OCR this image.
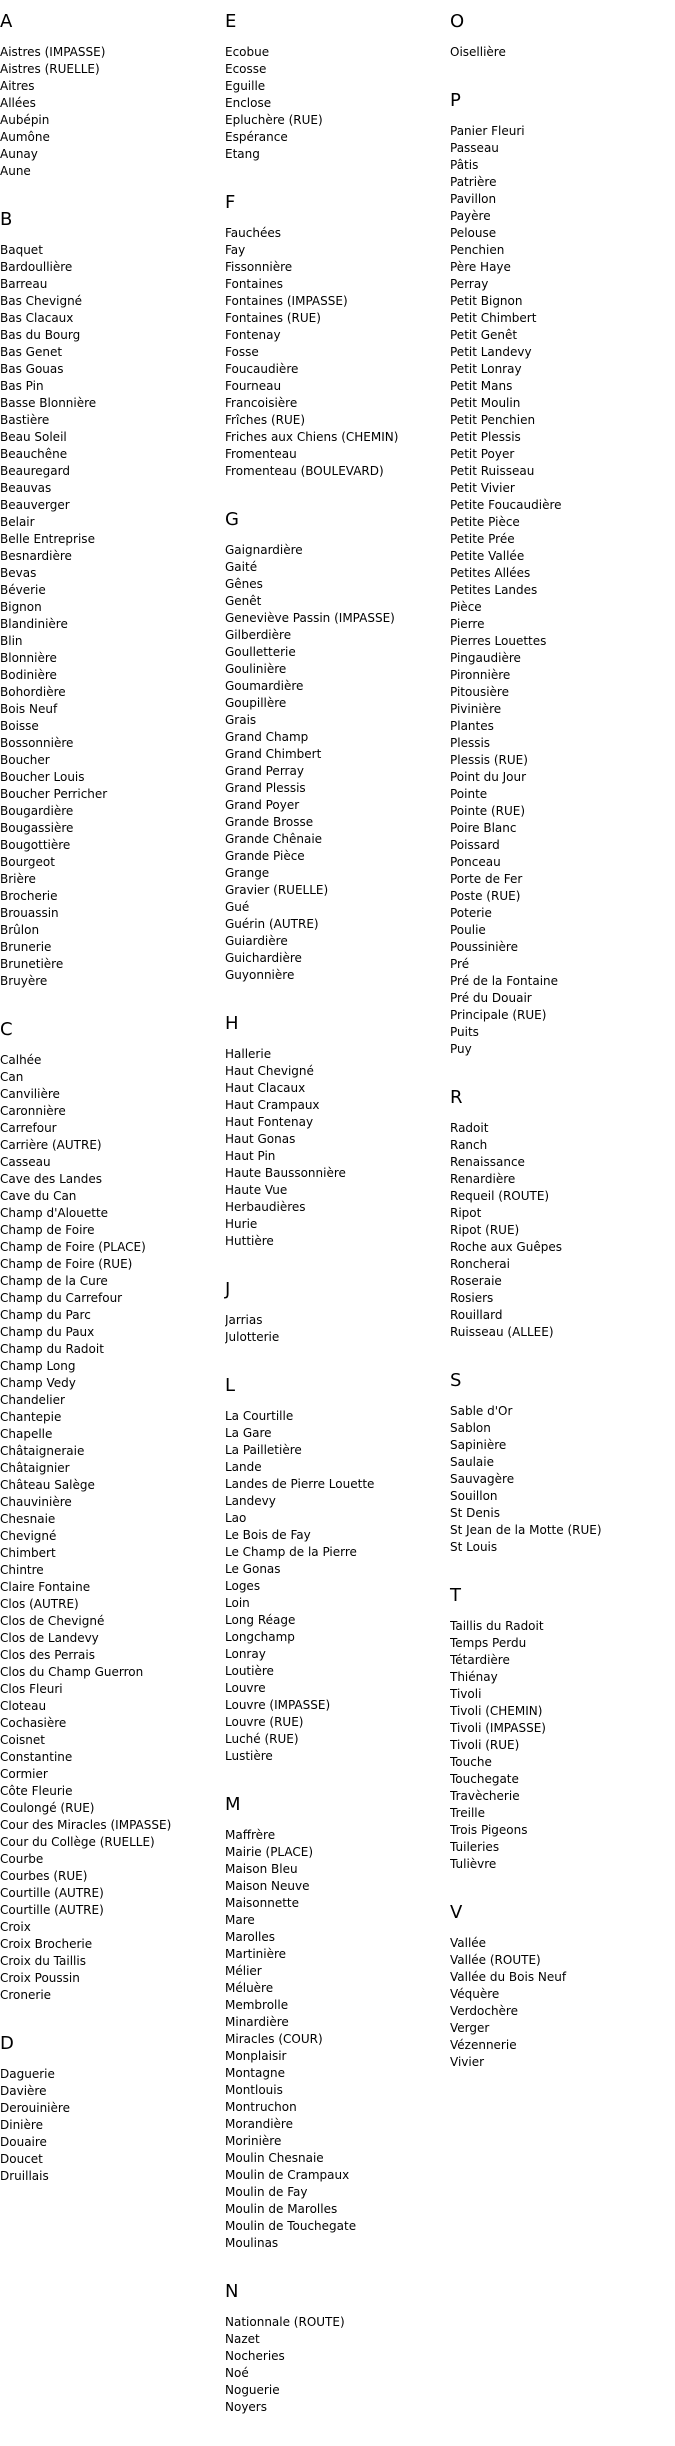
A
Aistres (IMPASSE)
Aistres (RUELLE)
Aitres
Allées
Aubépin
Aumône
Aunay
Aune
B
Baquet
Bardoullière
Barreau
Bas Chevigné
Bas Clacaux
Bas du Bourg
Bas Genet
Bas Gouas
Bas Pin
Basse Blonnière
Bastière
Beau Soleil
Beauchêne
Beauregard
Beauvas
Beauverger
Belair
Belle Entreprise
Besnardière
Bevas
Béverie
Bignon
Blandinière
Blin
Blonnière
Bodinière
Bohordière
Bois Neuf
Boisse
Bossonnière
Boucher
Boucher Louis
Boucher Perricher
Bougardière
Bougassière
Bougottière
Bourgeot
Brière
Brocherie
Brouassin
Brûlon
Brunerie
Brunetière
Bruyère
C
Calhée
Can
Canvilière
Caronnière
Carrefour
Carrière (AUTRE)
Casseau
Cave des Landes
Cave du Can
Champ d'Alouette
Champ de Foire
Champ de Foire (PLACE)
Champ de Foire (RUE)
Champ de la Cure
Champ du Carrefour
Champ du Parc
Champ du Paux
Champ du Radoit
Champ Long
Champ Vedy
Chandelier
Chantepie
Chapelle
Châtaigneraie
Châtaignier
Château Salège
Chauvinière
Chesnaie
Chevigné
Chimbert
Chintre
Claire Fontaine
Clos (AUTRE)
Clos de Chevigné
Clos de Landevy
Clos des Perrais
Clos du Champ Guerron
Clos Fleuri
Cloteau
Cochasière
Coisnet
Constantine
Cormier
Côte Fleurie
Coulongé (RUE)
Cour des Miracles (IMPASSE)
Cour du Collège (RUELLE)
Courbe
Courbes (RUE)
Courtille (AUTRE)
Courtille (AUTRE)
Croix
Croix Brocherie
Croix du Taillis
Croix Poussin
Cronerie
D
Daguerie
Davière
Derouinière
Dinière
Douaire
Doucet
Druillais
E
Ecobue
Ecosse
Eguille
Enclose
Epluchère (RUE)
Espérance
Etang
F
Fauchées
Fay
Fissonnière
Fontaines
Fontaines (IMPASSE)
Fontaines (RUE)
Fontenay
Fosse
Foucaudière
Fourneau
Francoisière
Frîches (RUE)
Friches aux Chiens (CHEMIN)
Fromenteau
Fromenteau (BOULEVARD)
G
Gaignardière
Gaité
Gênes
Genêt
Geneviève Passin (IMPASSE)
Gilberdière
Goulletterie
Goulinière
Goumardière
Goupillère
Grais
Grand Champ
Grand Chimbert
Grand Perray
Grand Plessis
Grand Poyer
Grande Brosse
Grande Chênaie
Grande Pièce
Grange
Gravier (RUELLE)
Gué
Guérin (AUTRE)
Guiardière
Guichardière
Guyonnière
H
Hallerie
Haut Chevigné
Haut Clacaux
Haut Crampaux
Haut Fontenay
Haut Gonas
Haut Pin
Haute Baussonnière
Haute Vue
Herbaudières
Hurie
Huttière
J
Jarrias
Julotterie
L
La Courtille
La Gare
La Pailletière
Lande
Landes de Pierre Louette
Landevy
Lao
Le Bois de Fay
Le Champ de la Pierre
Le Gonas
Loges
Loin
Long Réage
Longchamp
Lonray
Loutière
Louvre
Louvre (IMPASSE)
Louvre (RUE)
Luché (RUE)
Lustière
M
Maffrère
Mairie (PLACE)
Maison Bleu
Maison Neuve
Maisonnette
Mare
Marolles
Martinière
Mélier
Méluère
Membrolle
Minardière
Miracles (COUR)
Monplaisir
Montagne
Montlouis
Montruchon
Morandière
Morinière
Moulin Chesnaie
Moulin de Crampaux
Moulin de Fay
Moulin de Marolles
Moulin de Touchegate
Moulinas
N
Nationnale (ROUTE)
Nazet
Nocheries
Noé
Noguerie
Noyers
O
Oisellière
P
Panier Fleuri
Passeau
Pâtis
Patrière
Pavillon
Payère
Pelouse
Penchien
Père Haye
Perray
Petit Bignon
Petit Chimbert
Petit Genêt
Petit Landevy
Petit Lonray
Petit Mans
Petit Moulin
Petit Penchien
Petit Plessis
Petit Poyer
Petit Ruisseau
Petit Vivier
Petite Foucaudière
Petite Pièce
Petite Prée
Petite Vallée
Petites Allées
Petites Landes
Pièce
Pierre
Pierres Louettes
Pingaudière
Pironnière
Pitousière
Pivinière
Plantes
Plessis
Plessis (RUE)
Point du Jour
Pointe
Pointe (RUE)
Poire Blanc
Poissard
Ponceau
Porte de Fer
Poste (RUE)
Poterie
Poulie
Poussinière
Pré
Pré de la Fontaine
Pré du Douair
Principale (RUE)
Puits
Puy
R
Radoit
Ranch
Renaissance
Renardière
Requeil (ROUTE)
Ripot
Ripot (RUE)
Roche aux Guêpes
Roncherai
Roseraie
Rosiers
Rouillard
Ruisseau (ALLEE)
S
Sable d'Or
Sablon
Sapinière
Saulaie
Sauvagère
Souillon
St Denis
St Jean de la Motte (RUE)
St Louis
T
Taillis du Radoit
Temps Perdu
Tétardière
Thiénay
Tivoli
Tivoli (CHEMIN)
Tivoli (IMPASSE)
Tivoli (RUE)
Touche
Touchegate
Travècherie
Treille
Trois Pigeons
Tuileries
Tulièvre
V
Vallée
Vallée (ROUTE)
Vallée du Bois Neuf
Véquère
Verdochère
Verger
Vézennerie
Vivier
